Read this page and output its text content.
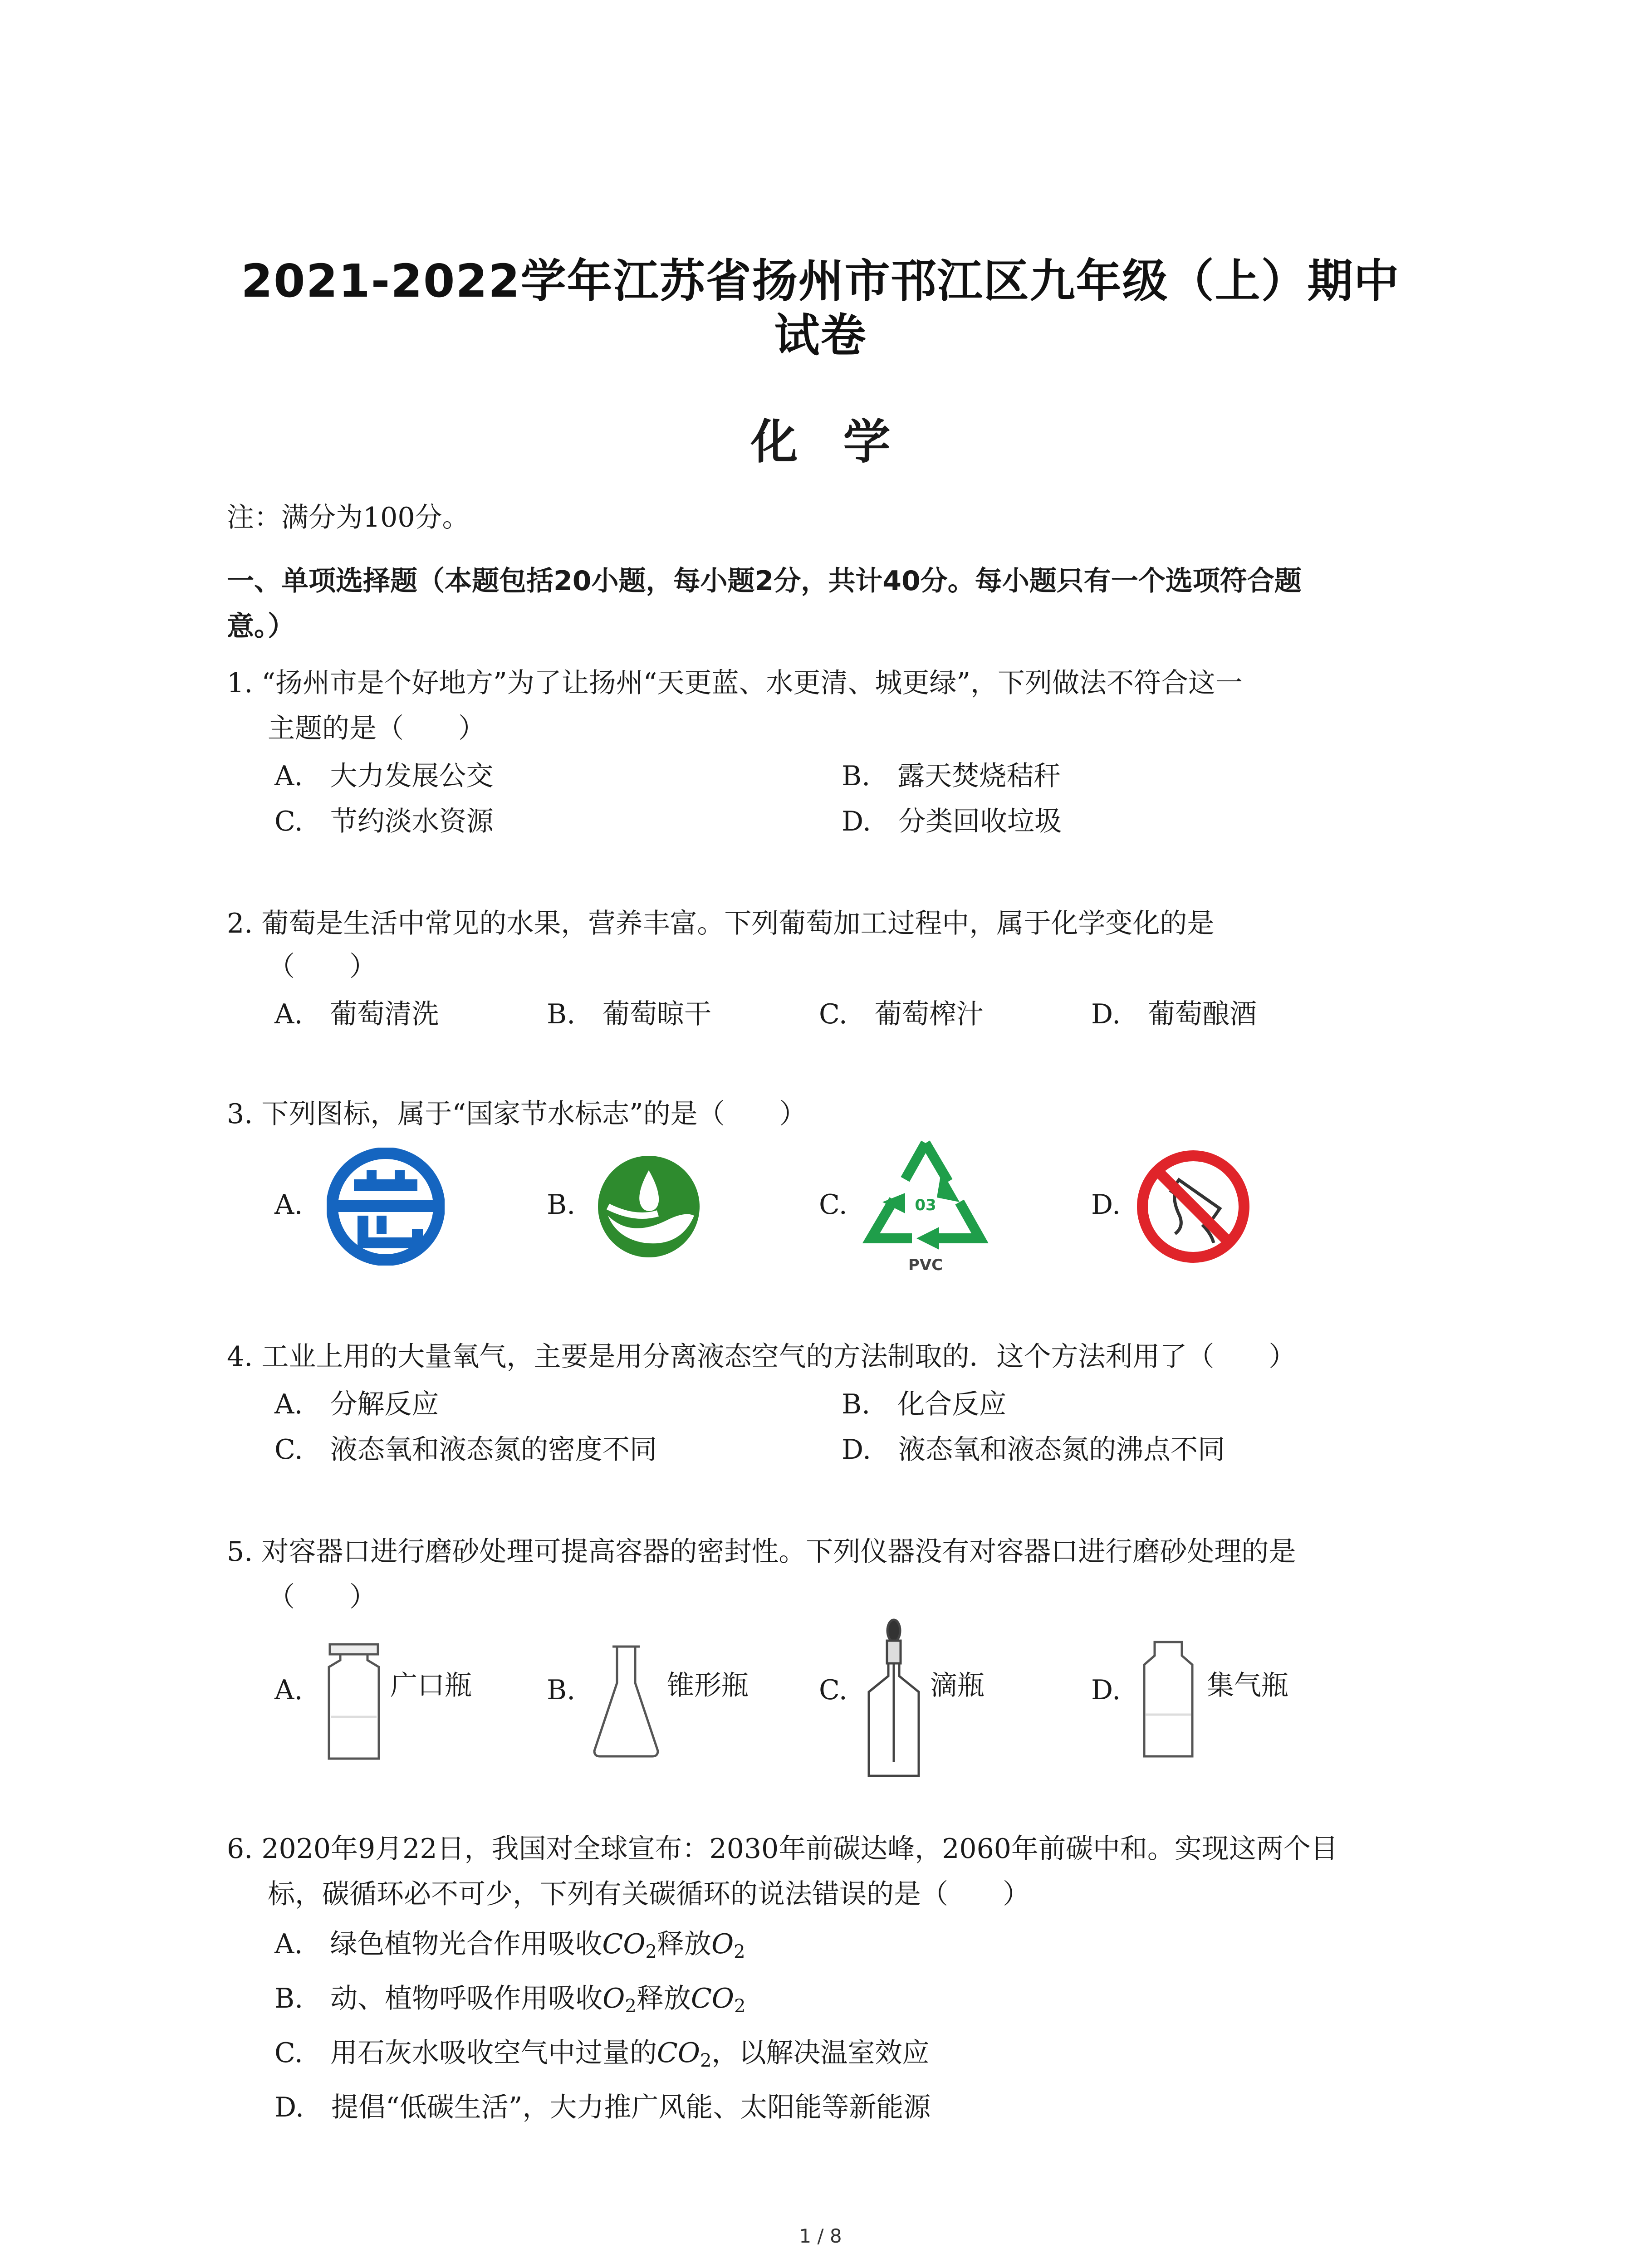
2021-2022学年江苏省扬州市邗江区九年级（上）期中
试卷
化学
注：满分为100分。
一、单项选择题（本题包括20小题，每小题2分，共计40分。每小题只有一个选项符合题
意。）
1. “扬州市是个好地方”为了让扬州“天更蓝、水更清、城更绿”，下列做法不符合这一
主题的是（　　）
A.　大力发展公交	B.　露天焚烧秸秆
C.　节约淡水资源	D.　分类回收垃圾
2. 葡萄是生活中常见的水果，营养丰富。下列葡萄加工过程中，属于化学变化的是
（　　）
A.　葡萄清洗	B.　葡萄晾干	C.　葡萄榨汁	D.　葡萄酿酒
3. 下列图标，属于“国家节水标志”的是（　　）
A.	B.	C.	D.
03
PVC
4. 工业上用的大量氧气，主要是用分离液态空气的方法制取的．这个方法利用了（　　）
A.　分解反应	B.　化合反应
C.　液态氧和液态氮的密度不同	D.　液态氧和液态氮的沸点不同
5. 对容器口进行磨砂处理可提高容器的密封性。下列仪器没有对容器口进行磨砂处理的是
（　　）
A.	广口瓶	B.	锥形瓶	C.	滴瓶	D.	集气瓶
6. 2020年9月22日，我国对全球宣布：2030年前碳达峰，2060年前碳中和。实现这两个目
标，碳循环必不可少，下列有关碳循环的说法错误的是（　　）
A.　绿色植物光合作用吸收$CO_2$释放$O_2$
B.　动、植物呼吸作用吸收$O_2$释放$CO_2$
C.　用石灰水吸收空气中过量的$CO_2$，以解决温室效应
D.　提倡“低碳生活”，大力推广风能、太阳能等新能源
1 / 8
